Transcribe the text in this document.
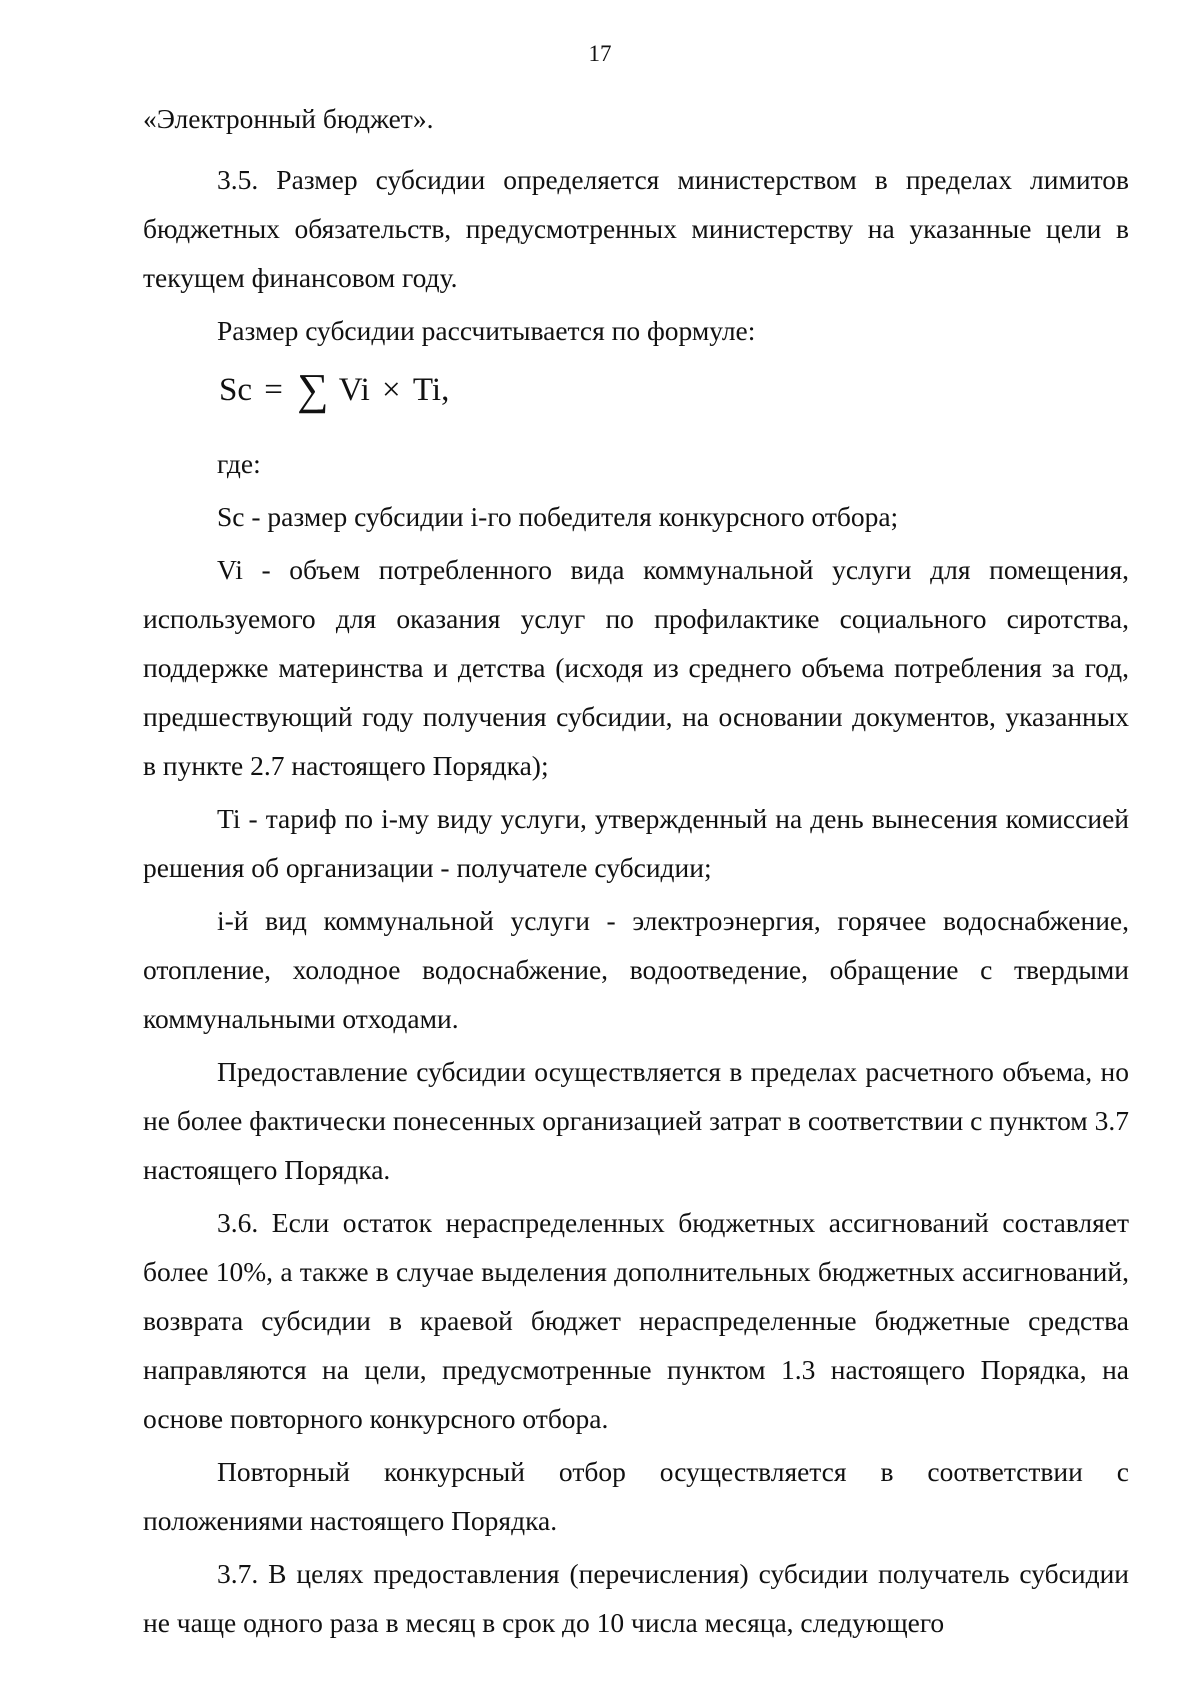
17

«Электронный бюджет».

3.5. Размер субсидии определяется министерством в пределах лимитов бюджетных обязательств, предусмотренных министерству на указанные цели в текущем финансовом году.

Размер субсидии рассчитывается по формуле:

Sc = ∑ Vi × Ti,

где:

Sc - размер субсидии i-го победителя конкурсного отбора;

Vi - объем потребленного вида коммунальной услуги для помещения, используемого для оказания услуг по профилактике социального сиротства, поддержке материнства и детства (исходя из среднего объема потребления за год, предшествующий году получения субсидии, на основании документов, указанных в пункте 2.7 настоящего Порядка);

Ti - тариф по i-му виду услуги, утвержденный на день вынесения комиссией решения об организации - получателе субсидии;

i-й вид коммунальной услуги - электроэнергия, горячее водоснабжение, отопление, холодное водоснабжение, водоотведение, обращение с твердыми коммунальными отходами.

Предоставление субсидии осуществляется в пределах расчетного объема, но не более фактически понесенных организацией затрат в соответствии с пунктом 3.7 настоящего Порядка.

3.6. Если остаток нераспределенных бюджетных ассигнований составляет более 10%, а также в случае выделения дополнительных бюджетных ассигнований, возврата субсидии в краевой бюджет нераспределенные бюджетные средства направляются на цели, предусмотренные пунктом 1.3 настоящего Порядка, на основе повторного конкурсного отбора.

Повторный конкурсный отбор осуществляется в соответствии с положениями настоящего Порядка.

3.7. В целях предоставления (перечисления) субсидии получатель субсидии не чаще одного раза в месяц в срок до 10 числа месяца, следующего
